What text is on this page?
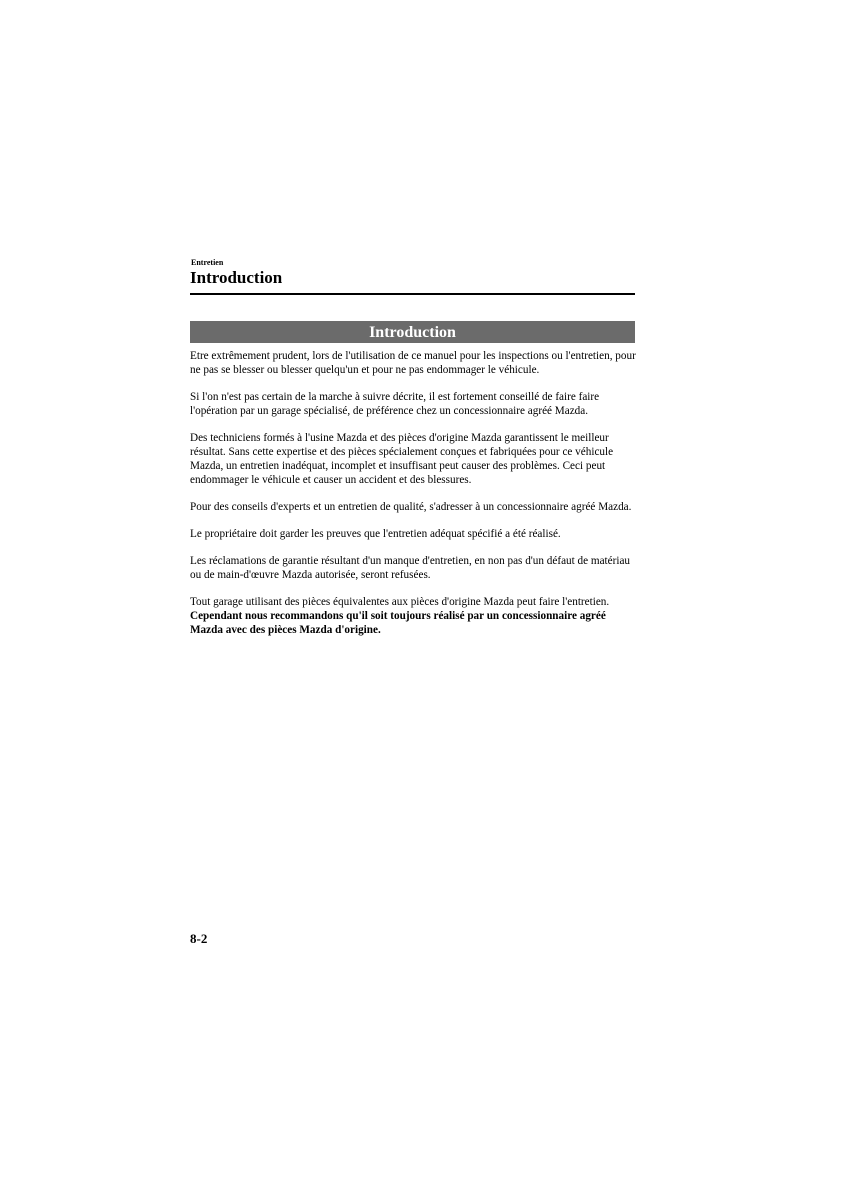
Entretien
Introduction
Introduction

Etre extrêmement prudent, lors de l'utilisation de ce manuel pour les inspections ou l'entretien, pour ne pas se blesser ou blesser quelqu'un et pour ne pas endommager le véhicule.

Si l'on n'est pas certain de la marche à suivre décrite, il est fortement conseillé de faire faire l'opération par un garage spécialisé, de préférence chez un concessionnaire agréé Mazda.

Des techniciens formés à l'usine Mazda et des pièces d'origine Mazda garantissent le meilleur résultat. Sans cette expertise et des pièces spécialement conçues et fabriquées pour ce véhicule Mazda, un entretien inadéquat, incomplet et insuffisant peut causer des problèmes. Ceci peut endommager le véhicule et causer un accident et des blessures.

Pour des conseils d'experts et un entretien de qualité, s'adresser à un concessionnaire agréé Mazda.

Le propriétaire doit garder les preuves que l'entretien adéquat spécifié a été réalisé.

Les réclamations de garantie résultant d'un manque d'entretien, en non pas d'un défaut de matériau ou de main-d'œuvre Mazda autorisée, seront refusées.

Tout garage utilisant des pièces équivalentes aux pièces d'origine Mazda peut faire l'entretien. Cependant nous recommandons qu'il soit toujours réalisé par un concessionnaire agréé Mazda avec des pièces Mazda d'origine.

8-2
